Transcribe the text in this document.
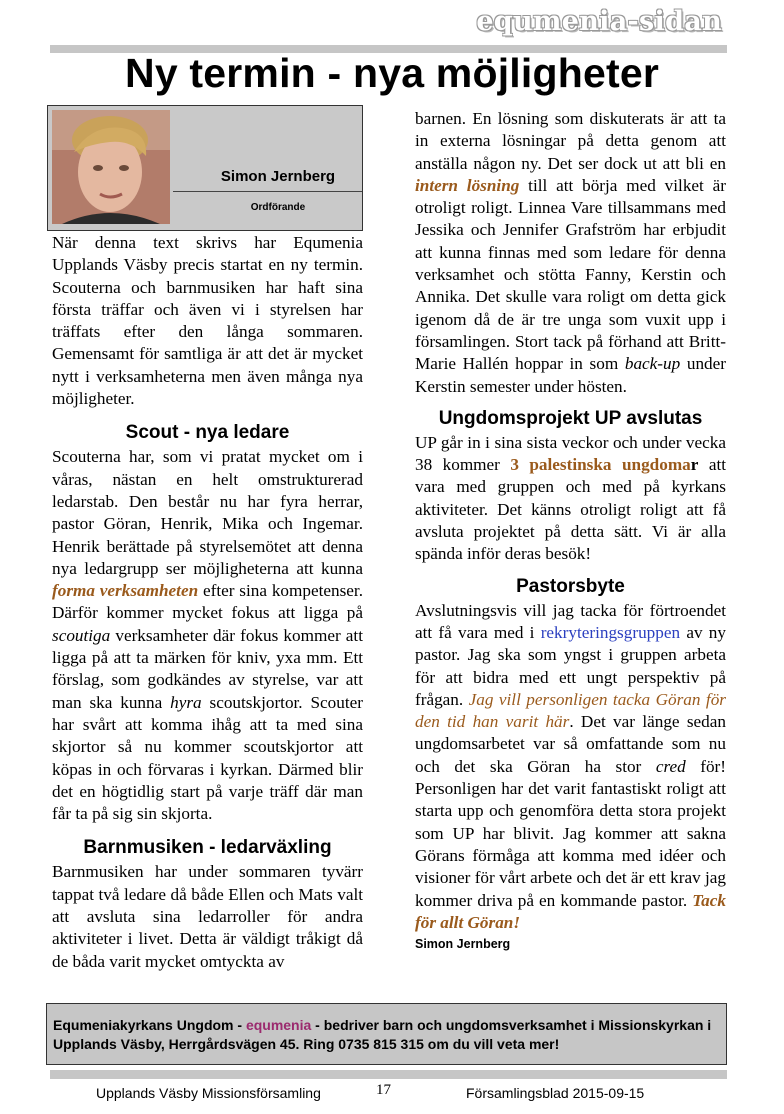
equmenia-sidan
Ny termin - nya möjligheter
Simon Jernberg
Ordförande

När denna text skrivs har Equmenia Upplands Väsby precis startat en ny termin. Scouterna och barnmusiken har haft sina första träffar och även vi i styrelsen har träffats efter den långa sommaren. Gemensamt för samtliga är att det är mycket nytt i verksamheterna men även många nya möjligheter.

Scout - nya ledare

Scouterna har, som vi pratat mycket om i våras, nästan en helt omstrukturerad ledarstab. Den består nu har fyra herrar, pastor Göran, Henrik, Mika och Ingemar. Henrik berättade på styrelsemötet att denna nya ledargrupp ser möjligheterna att kunna forma verksamheten efter sina kompetenser. Därför kommer mycket fokus att ligga på scoutiga verksamheter där fokus kommer att ligga på att ta märken för kniv, yxa mm. Ett förslag, som godkändes av styrelse, var att man ska kunna hyra scoutskjortor. Scouter har svårt att komma ihåg att ta med sina skjortor så nu kommer scoutskjortor att köpas in och förvaras i kyrkan. Därmed blir det en högtidlig start på varje träff där man får ta på sig sin skjorta.

Barnmusiken - ledarväxling

Barnmusiken har under sommaren tyvärr tappat två ledare då både Ellen och Mats valt att avsluta sina ledarroller för andra aktiviteter i livet. Detta är väldigt tråkigt då de båda varit mycket omtyckta av

barnen. En lösning som diskuterats är att ta in externa lösningar på detta genom att anställa någon ny. Det ser dock ut att bli en intern lösning till att börja med vilket är otroligt roligt. Linnea Vare tillsammans med Jessika och Jennifer Grafström har erbjudit att kunna finnas med som ledare för denna verksamhet och stötta Fanny, Kerstin och Annika. Det skulle vara roligt om detta gick igenom då de är tre unga som vuxit upp i församlingen. Stort tack på förhand att Britt-Marie Hallén hoppar in som back-up under Kerstin semester under hösten.

Ungdomsprojekt UP avslutas

UP går in i sina sista veckor och under vecka 38 kommer 3 palestinska ungdomar att vara med gruppen och med på kyrkans aktiviteter. Det känns otroligt roligt att få avsluta projektet på detta sätt. Vi är alla spända inför deras besök!

Pastorsbyte

Avslutningsvis vill jag tacka för förtroendet att få vara med i rekryteringsgruppen av ny pastor. Jag ska som yngst i gruppen arbeta för att bidra med ett ungt perspektiv på frågan. Jag vill personligen tacka Göran för den tid han varit här. Det var länge sedan ungdomsarbetet var så omfattande som nu och det ska Göran ha stor cred för! Personligen har det varit fantastiskt roligt att starta upp och genomföra detta stora projekt som UP har blivit. Jag kommer att sakna Görans förmåga att komma med idéer och visioner för vårt arbete och det är ett krav jag kommer driva på en kommande pastor. Tack för allt Göran!

Simon Jernberg
Equmeniakyrkans Ungdom - equmenia - bedriver barn och ungdomsverksamhet i Missionskyrkan i Upplands Väsby, Herrgårdsvägen 45. Ring 0735 815 315 om du vill veta mer!
Upplands Väsby Missionsförsamling	17	Församlingsblad 2015-09-15
